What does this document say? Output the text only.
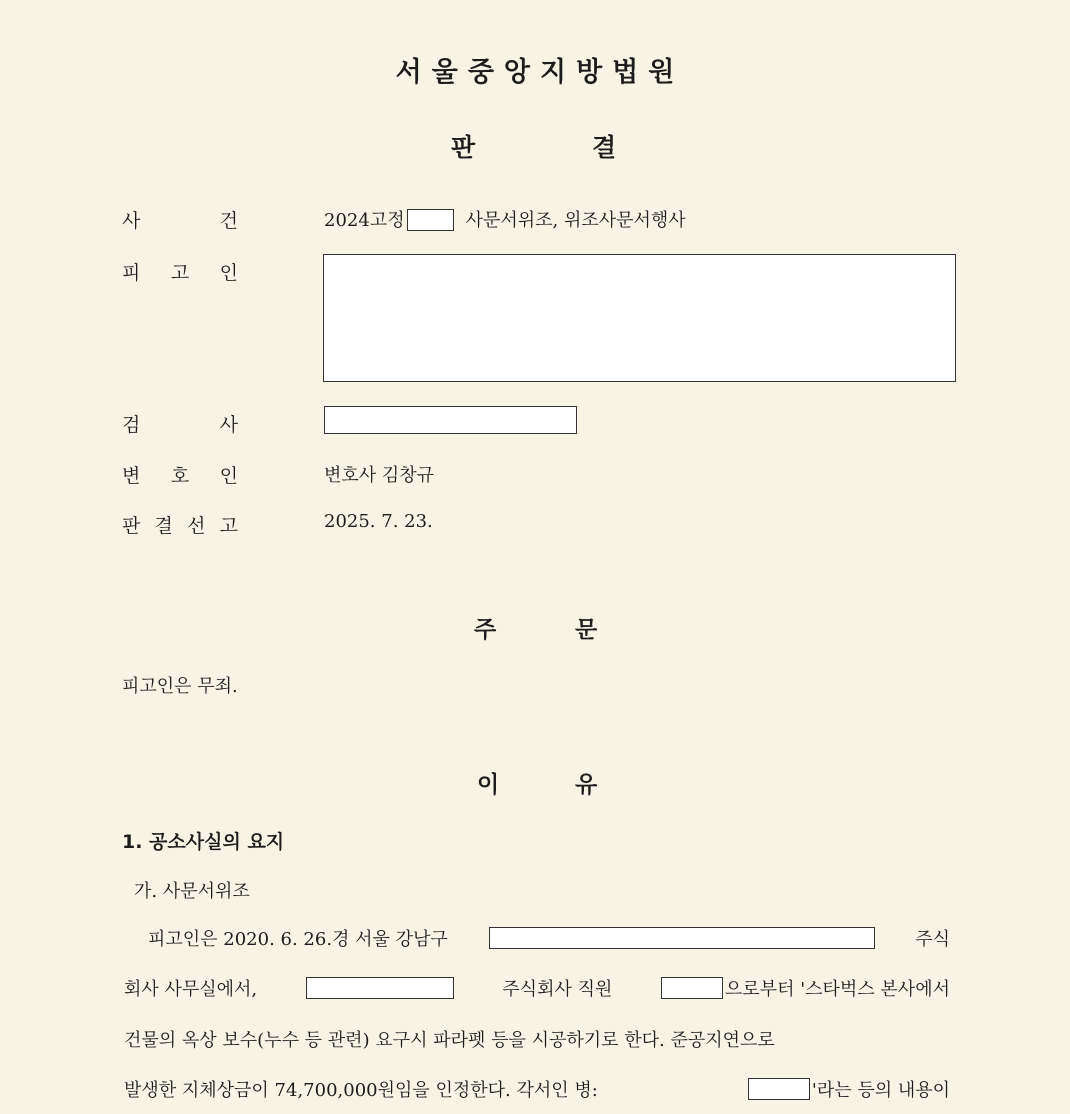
서울중앙지방법원
판	결
사	건	2024고정	사문서위조, 위조사문서행사
피 고 인
검	사
변 호 인	변호사 김창규
판 결 선 고	2025. 7. 23.
주	문
피고인은 무죄.
이	유
1. 공소사실의 요지
가. 사문서위조
피고인은 2020. 6. 26.경 서울 강남구	주식
회사 사무실에서,	주식회사 직원	으로부터 '스타벅스 본사에서
건물의 옥상 보수(누수 등 관련) 요구시 파라펫 등을 시공하기로 한다. 준공지연으로
발생한 지체상금이 74,700,000원임을 인정한다. 각서인 병:	'라는 등의 내용이
